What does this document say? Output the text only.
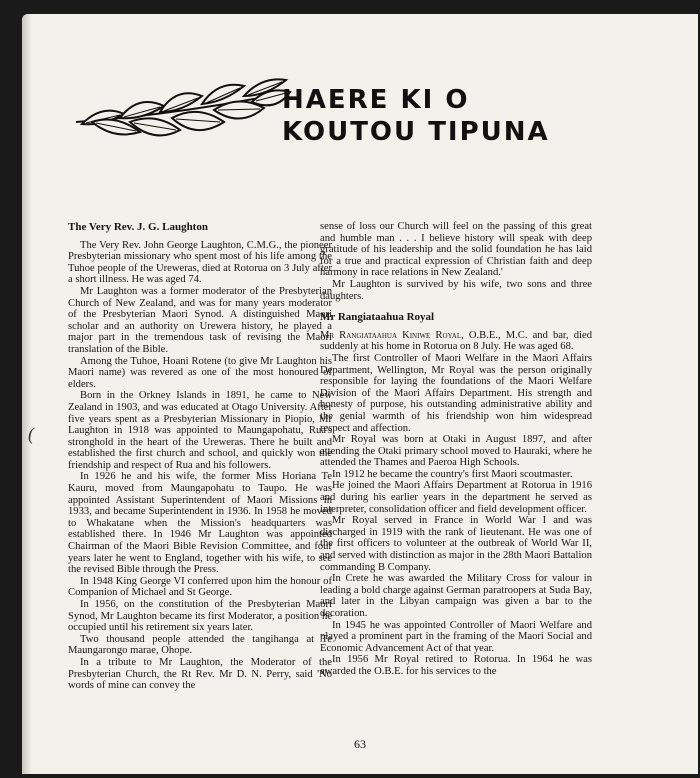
HAERE KI O
KOUTOU TIPUNA
(
The Very Rev. J. G. Laughton

The Very Rev. John George Laughton, C.M.G., the pioneer Presbyterian missionary who spent most of his life among the Tuhoe people of the Ureweras, died at Rotorua on 3 July after a short illness. He was aged 74.

Mr Laughton was a former moderator of the Presbyterian Church of New Zealand, and was for many years moderator of the Presbyterian Maori Synod. A distinguished Maori scholar and an authority on Urewera history, he played a major part in the tremendous task of revising the Maori translation of the Bible.

Among the Tuhoe, Hoani Rotene (to give Mr Laughton his Maori name) was revered as one of the most honoured of elders.

Born in the Orkney Islands in 1891, he came to New Zealand in 1903, and was educated at Otago University. After five years spent as a Presbyterian Missionary in Piopio, Mr Laughton in 1918 was appointed to Maungapohatu, Rua's stronghold in the heart of the Ureweras. There he built and established the first church and school, and quickly won the friendship and respect of Rua and his followers.

In 1926 he and his wife, the former Miss Horiana Te Kauru, moved from Maungapohatu to Taupo. He was appointed Assistant Superintendent of Maori Missions in 1933, and became Superintendent in 1936. In 1958 he moved to Whakatane when the Mission's headquarters was established there. In 1946 Mr Laughton was appointed Chairman of the Maori Bible Revision Committee, and four years later he went to England, together with his wife, to see the revised Bible through the Press.

In 1948 King George VI conferred upon him the honour of Companion of Michael and St George.

In 1956, on the constitution of the Presbyterian Maori Synod, Mr Laughton became its first Moderator, a position he occupied until his retirement six years later.

Two thousand people attended the tangihanga at Te Maungarongo marae, Ohope.

In a tribute to Mr Laughton, the Moderator of the Presbyterian Church, the Rt Rev. Mr D. N. Perry, said 'No words of mine can convey the

sense of loss our Church will feel on the passing of this great and humble man . . . I believe history will speak with deep gratitude of his leadership and the solid foundation he has laid for a true and practical expression of Christian faith and deep harmony in race relations in New Zealand.'

Mr Laughton is survived by his wife, two sons and three daughters.

Mr Rangiataahua Royal

Mr Rangiataahua Kiniwe Royal, O.B.E., M.C. and bar, died suddenly at his home in Rotorua on 8 July. He was aged 68.

The first Controller of Maori Welfare in the Maori Affairs Department, Wellington, Mr Royal was the person originally responsible for laying the foundations of the Maori Welfare Division of the Maori Affairs Department. His strength and honesty of purpose, his outstanding administrative ability and the genial warmth of his friendship won him widespread respect and affection.

Mr Royal was born at Otaki in August 1897, and after attending the Otaki primary school moved to Hauraki, where he attended the Thames and Paeroa High Schools.

In 1912 he became the country's first Maori scoutmaster.

He joined the Maori Affairs Department at Rotorua in 1916 and during his earlier years in the department he served as interpreter, consolidation officer and field development officer.

Mr Royal served in France in World War I and was discharged in 1919 with the rank of lieutenant. He was one of the first officers to volunteer at the outbreak of World War II, and served with distinction as major in the 28th Maori Battalion commanding B Company.

In Crete he was awarded the Military Cross for valour in leading a bold charge against German paratroopers at Suda Bay, and later in the Libyan campaign was given a bar to the decoration.

In 1945 he was appointed Controller of Maori Welfare and played a prominent part in the framing of the Maori Social and Economic Advancement Act of that year.

In 1956 Mr Royal retired to Rotorua. In 1964 he was awarded the O.B.E. for his services to the

63
